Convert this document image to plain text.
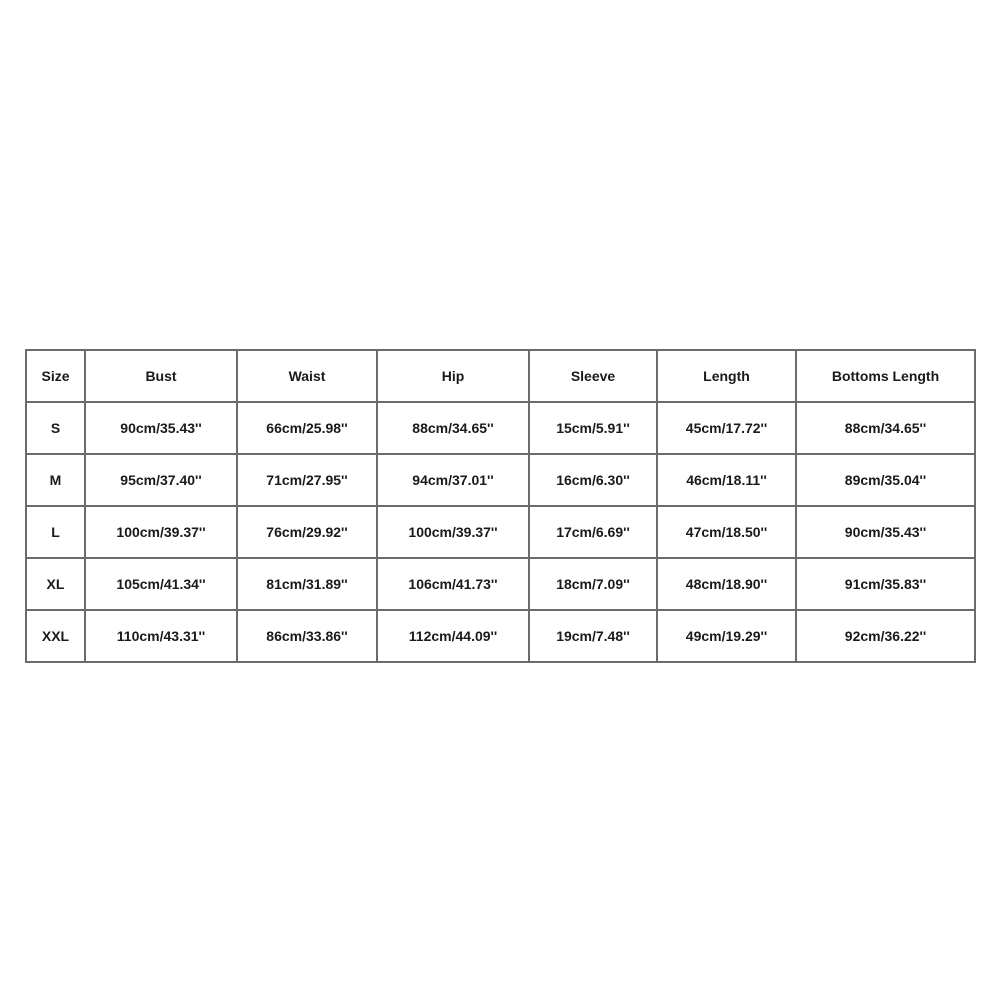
Size	Bust	Waist	Hip	Sleeve	Length	Bottoms Length
S	90cm/35.43''	66cm/25.98''	88cm/34.65''	15cm/5.91''	45cm/17.72''	88cm/34.65''
M	95cm/37.40''	71cm/27.95''	94cm/37.01''	16cm/6.30''	46cm/18.11''	89cm/35.04''
L	100cm/39.37''	76cm/29.92''	100cm/39.37''	17cm/6.69''	47cm/18.50''	90cm/35.43''
XL	105cm/41.34''	81cm/31.89''	106cm/41.73''	18cm/7.09''	48cm/18.90''	91cm/35.83''
XXL	110cm/43.31''	86cm/33.86''	112cm/44.09''	19cm/7.48''	49cm/19.29''	92cm/36.22''
